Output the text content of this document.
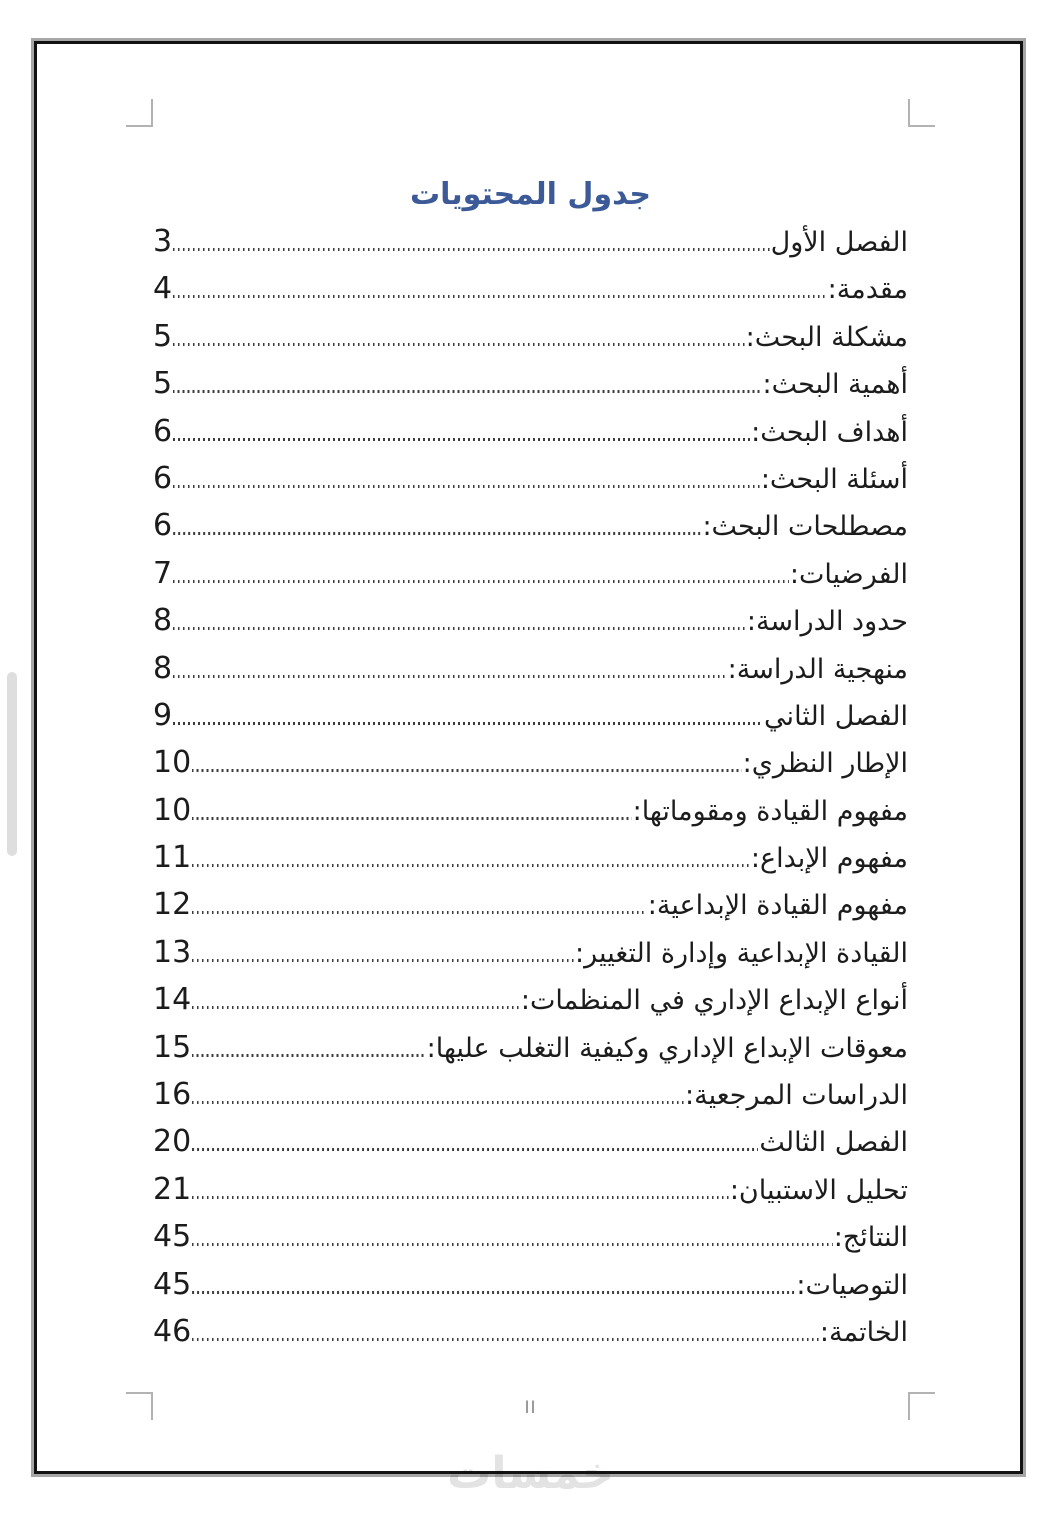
جدول المحتويات
الفصل الأول
3
مقدمة:
4
مشكلة البحث:
5
أهمية البحث:
5
أهداف البحث:
6
أسئلة البحث:
6
مصطلحات البحث:
6
الفرضيات:
7
حدود الدراسة:
8
منهجية الدراسة:
8
الفصل الثاني
9
الإطار النظري:
10
مفهوم القيادة ومقوماتها:
10
مفهوم الإبداع:
11
مفهوم القيادة الإبداعية:
12
القيادة الإبداعية وإدارة التغيير:
13
أنواع الإبداع الإداري في المنظمات:
14
معوقات الإبداع الإداري وكيفية التغلب عليها:
15
الدراسات المرجعية:
16
الفصل الثالث
20
تحليل الاستبيان:
21
النتائج:
45
التوصيات:
45
الخاتمة:
46
II
خمسات
